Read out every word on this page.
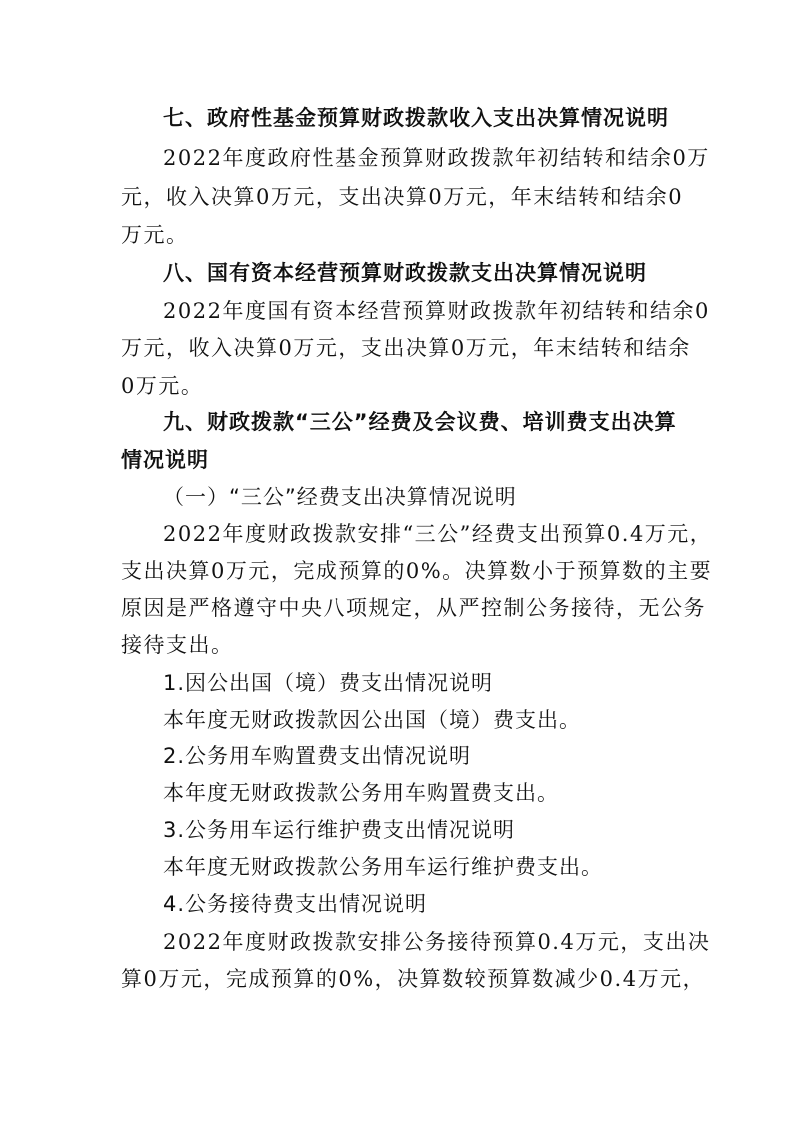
七、政府性基金预算财政拨款收入支出决算情况说明
2022年度政府性基金预算财政拨款年初结转和结余0万
元，收入决算0万元，支出决算0万元，年末结转和结余0
万元。
八、国有资本经营预算财政拨款支出决算情况说明
2022年度国有资本经营预算财政拨款年初结转和结余0
万元，收入决算0万元，支出决算0万元，年末结转和结余
0万元。
九、财政拨款“三公”经费及会议费、培训费支出决算
情况说明
（一）“三公”经费支出决算情况说明
2022年度财政拨款安排“三公”经费支出预算0.4万元，
支出决算0万元，完成预算的0%。决算数小于预算数的主要
原因是严格遵守中央八项规定，从严控制公务接待，无公务
接待支出。
1.因公出国（境）费支出情况说明
本年度无财政拨款因公出国（境）费支出。
2.公务用车购置费支出情况说明
本年度无财政拨款公务用车购置费支出。
3.公务用车运行维护费支出情况说明
本年度无财政拨款公务用车运行维护费支出。
4.公务接待费支出情况说明
2022年度财政拨款安排公务接待预算0.4万元，支出决
算0万元，完成预算的0%，决算数较预算数减少0.4万元，
